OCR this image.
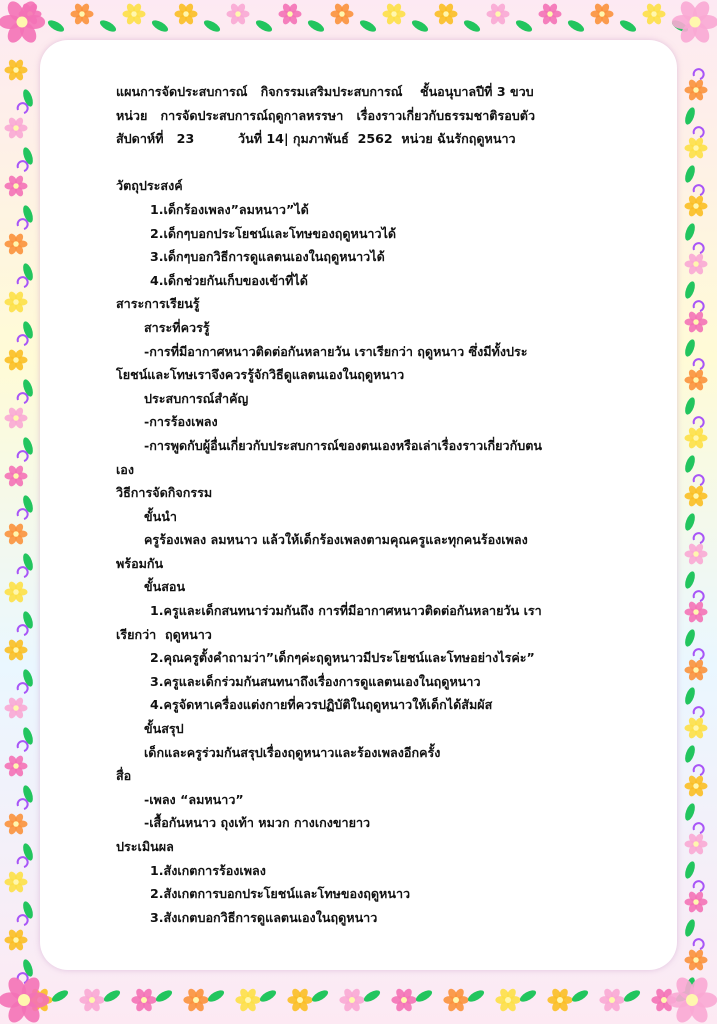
แผนการจัดประสบการณ์   กิจกรรมเสริมประสบการณ์    ชั้นอนุบาลปีที่ 3 ขวบ

หน่วย   การจัดประสบการณ์ฤดูกาลหรรษา   เรื่องราวเกี่ยวกับธรรมชาติรอบตัว

สัปดาห์ที่   23          วันที่ 14| กุมภาพันธ์  2562  หน่วย ฉันรักฤดูหนาว

วัตถุประสงค์

1.เด็กร้องเพลง”ลมหนาว”ได้

2.เด็กๆบอกประโยชน์และโทษของฤดูหนาวได้

3.เด็กๆบอกวิธีการดูแลตนเองในฤดูหนาวได้

4.เด็กช่วยกันเก็บของเข้าที่ได้

สาระการเรียนรู้

สาระที่ควรรู้

-การที่มีอากาศหนาวติดต่อกันหลายวัน เราเรียกว่า ฤดูหนาว ซึ่งมีทั้งประ

โยชน์และโทษเราจึงควรรู้จักวิธีดูแลตนเองในฤดูหนาว

ประสบการณ์สำคัญ

-การร้องเพลง

-การพูดกับผู้อื่นเกี่ยวกับประสบการณ์ของตนเองหรือเล่าเรื่องราวเกี่ยวกับตน

เอง

วิธีการจัดกิจกรรม

ขั้นนำ

ครูร้องเพลง ลมหนาว แล้วให้เด็กร้องเพลงตามคุณครูและทุกคนร้องเพลง

พร้อมกัน

ขั้นสอน

1.ครูและเด็กสนทนาร่วมกันถึง การที่มีอากาศหนาวติดต่อกันหลายวัน เรา

เรียกว่า  ฤดูหนาว

2.คุณครูตั้งคำถามว่า”เด็กๆค่ะฤดูหนาวมีประโยชน์และโทษอย่างไรค่ะ”

3.ครูและเด็กร่วมกันสนทนาถึงเรื่องการดูแลตนเองในฤดูหนาว

4.ครูจัดหาเครื่องแต่งกายที่ควรปฏิบัติในฤดูหนาวให้เด็กได้สัมผัส

ขั้นสรุป

เด็กและครูร่วมกันสรุปเรื่องฤดูหนาวและร้องเพลงอีกครั้ง

สื่อ

-เพลง “ลมหนาว”

-เสื้อกันหนาว ถุงเท้า หมวก กางเกงขายาว

ประเมินผล

1.สังเกตการร้องเพลง

2.สังเกตการบอกประโยชน์และโทษของฤดูหนาว

3.สังเกตบอกวิธีการดูแลตนเองในฤดูหนาว
